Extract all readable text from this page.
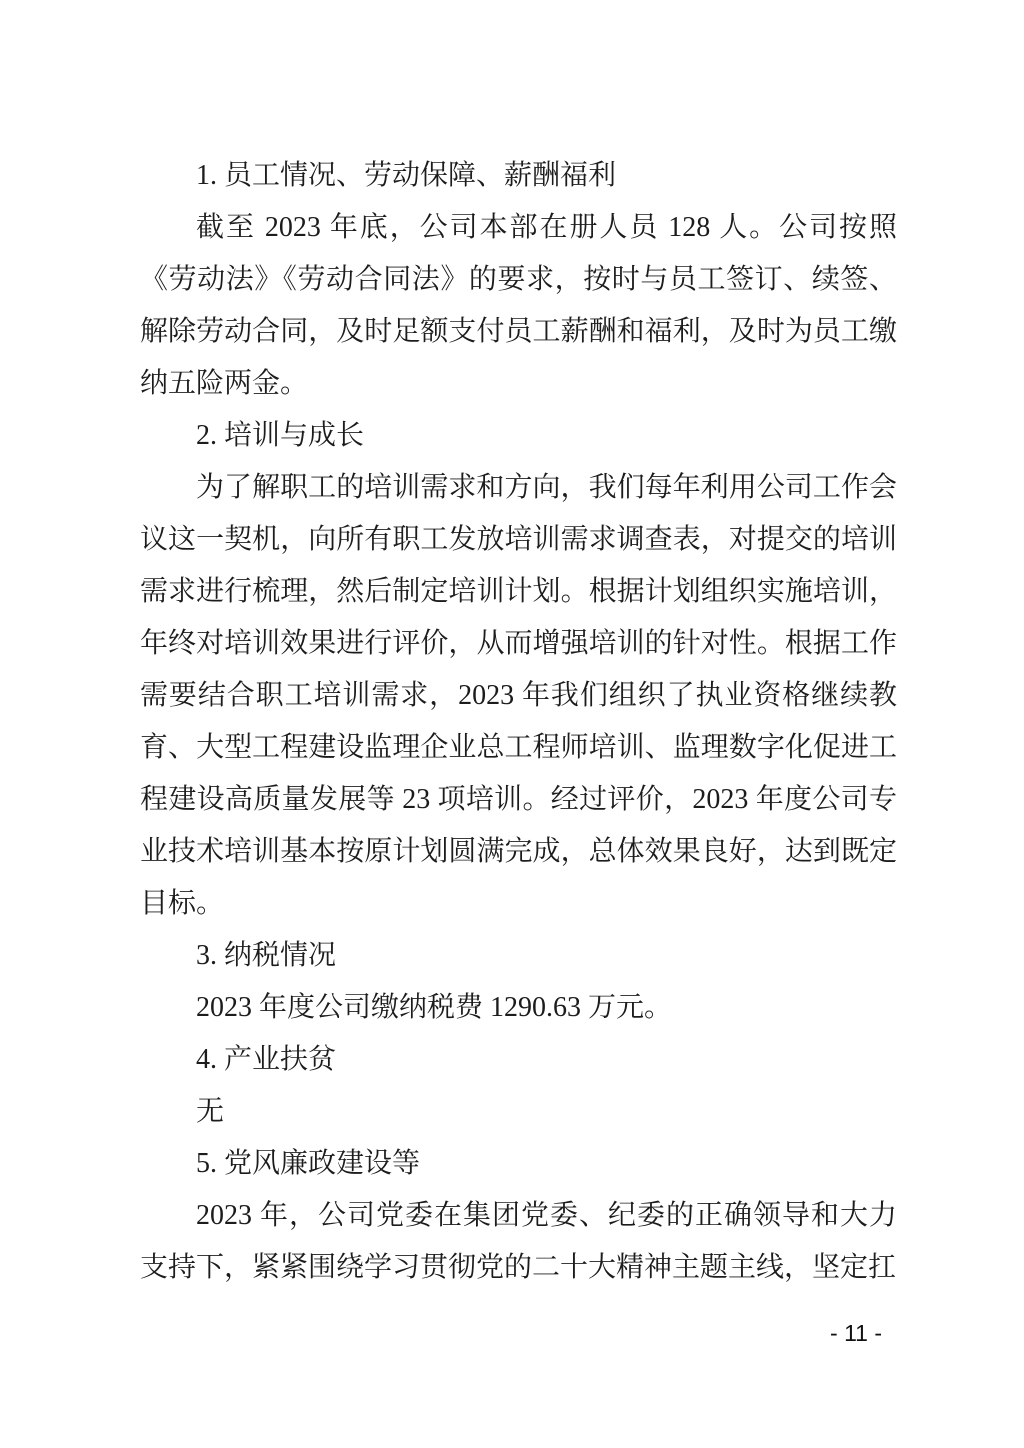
1. 员工情况、劳动保障、薪酬福利

截至 2023 年底，公司本部在册人员 128 人。公司按照《劳动法》《劳动合同法》的要求，按时与员工签订、续签、解除劳动合同，及时足额支付员工薪酬和福利，及时为员工缴纳五险两金。

2. 培训与成长

为了解职工的培训需求和方向，我们每年利用公司工作会议这一契机，向所有职工发放培训需求调查表，对提交的培训需求进行梳理，然后制定培训计划。根据计划组织实施培训，年终对培训效果进行评价，从而增强培训的针对性。根据工作需要结合职工培训需求，2023 年我们组织了执业资格继续教育、大型工程建设监理企业总工程师培训、监理数字化促进工程建设高质量发展等 23 项培训。经过评价，2023 年度公司专业技术培训基本按原计划圆满完成，总体效果良好，达到既定目标。

3. 纳税情况

2023 年度公司缴纳税费 1290.63 万元。

4. 产业扶贫

无

5. 党风廉政建设等

2023 年，公司党委在集团党委、纪委的正确领导和大力支持下，紧紧围绕学习贯彻党的二十大精神主题主线，坚定扛

- 11 -
